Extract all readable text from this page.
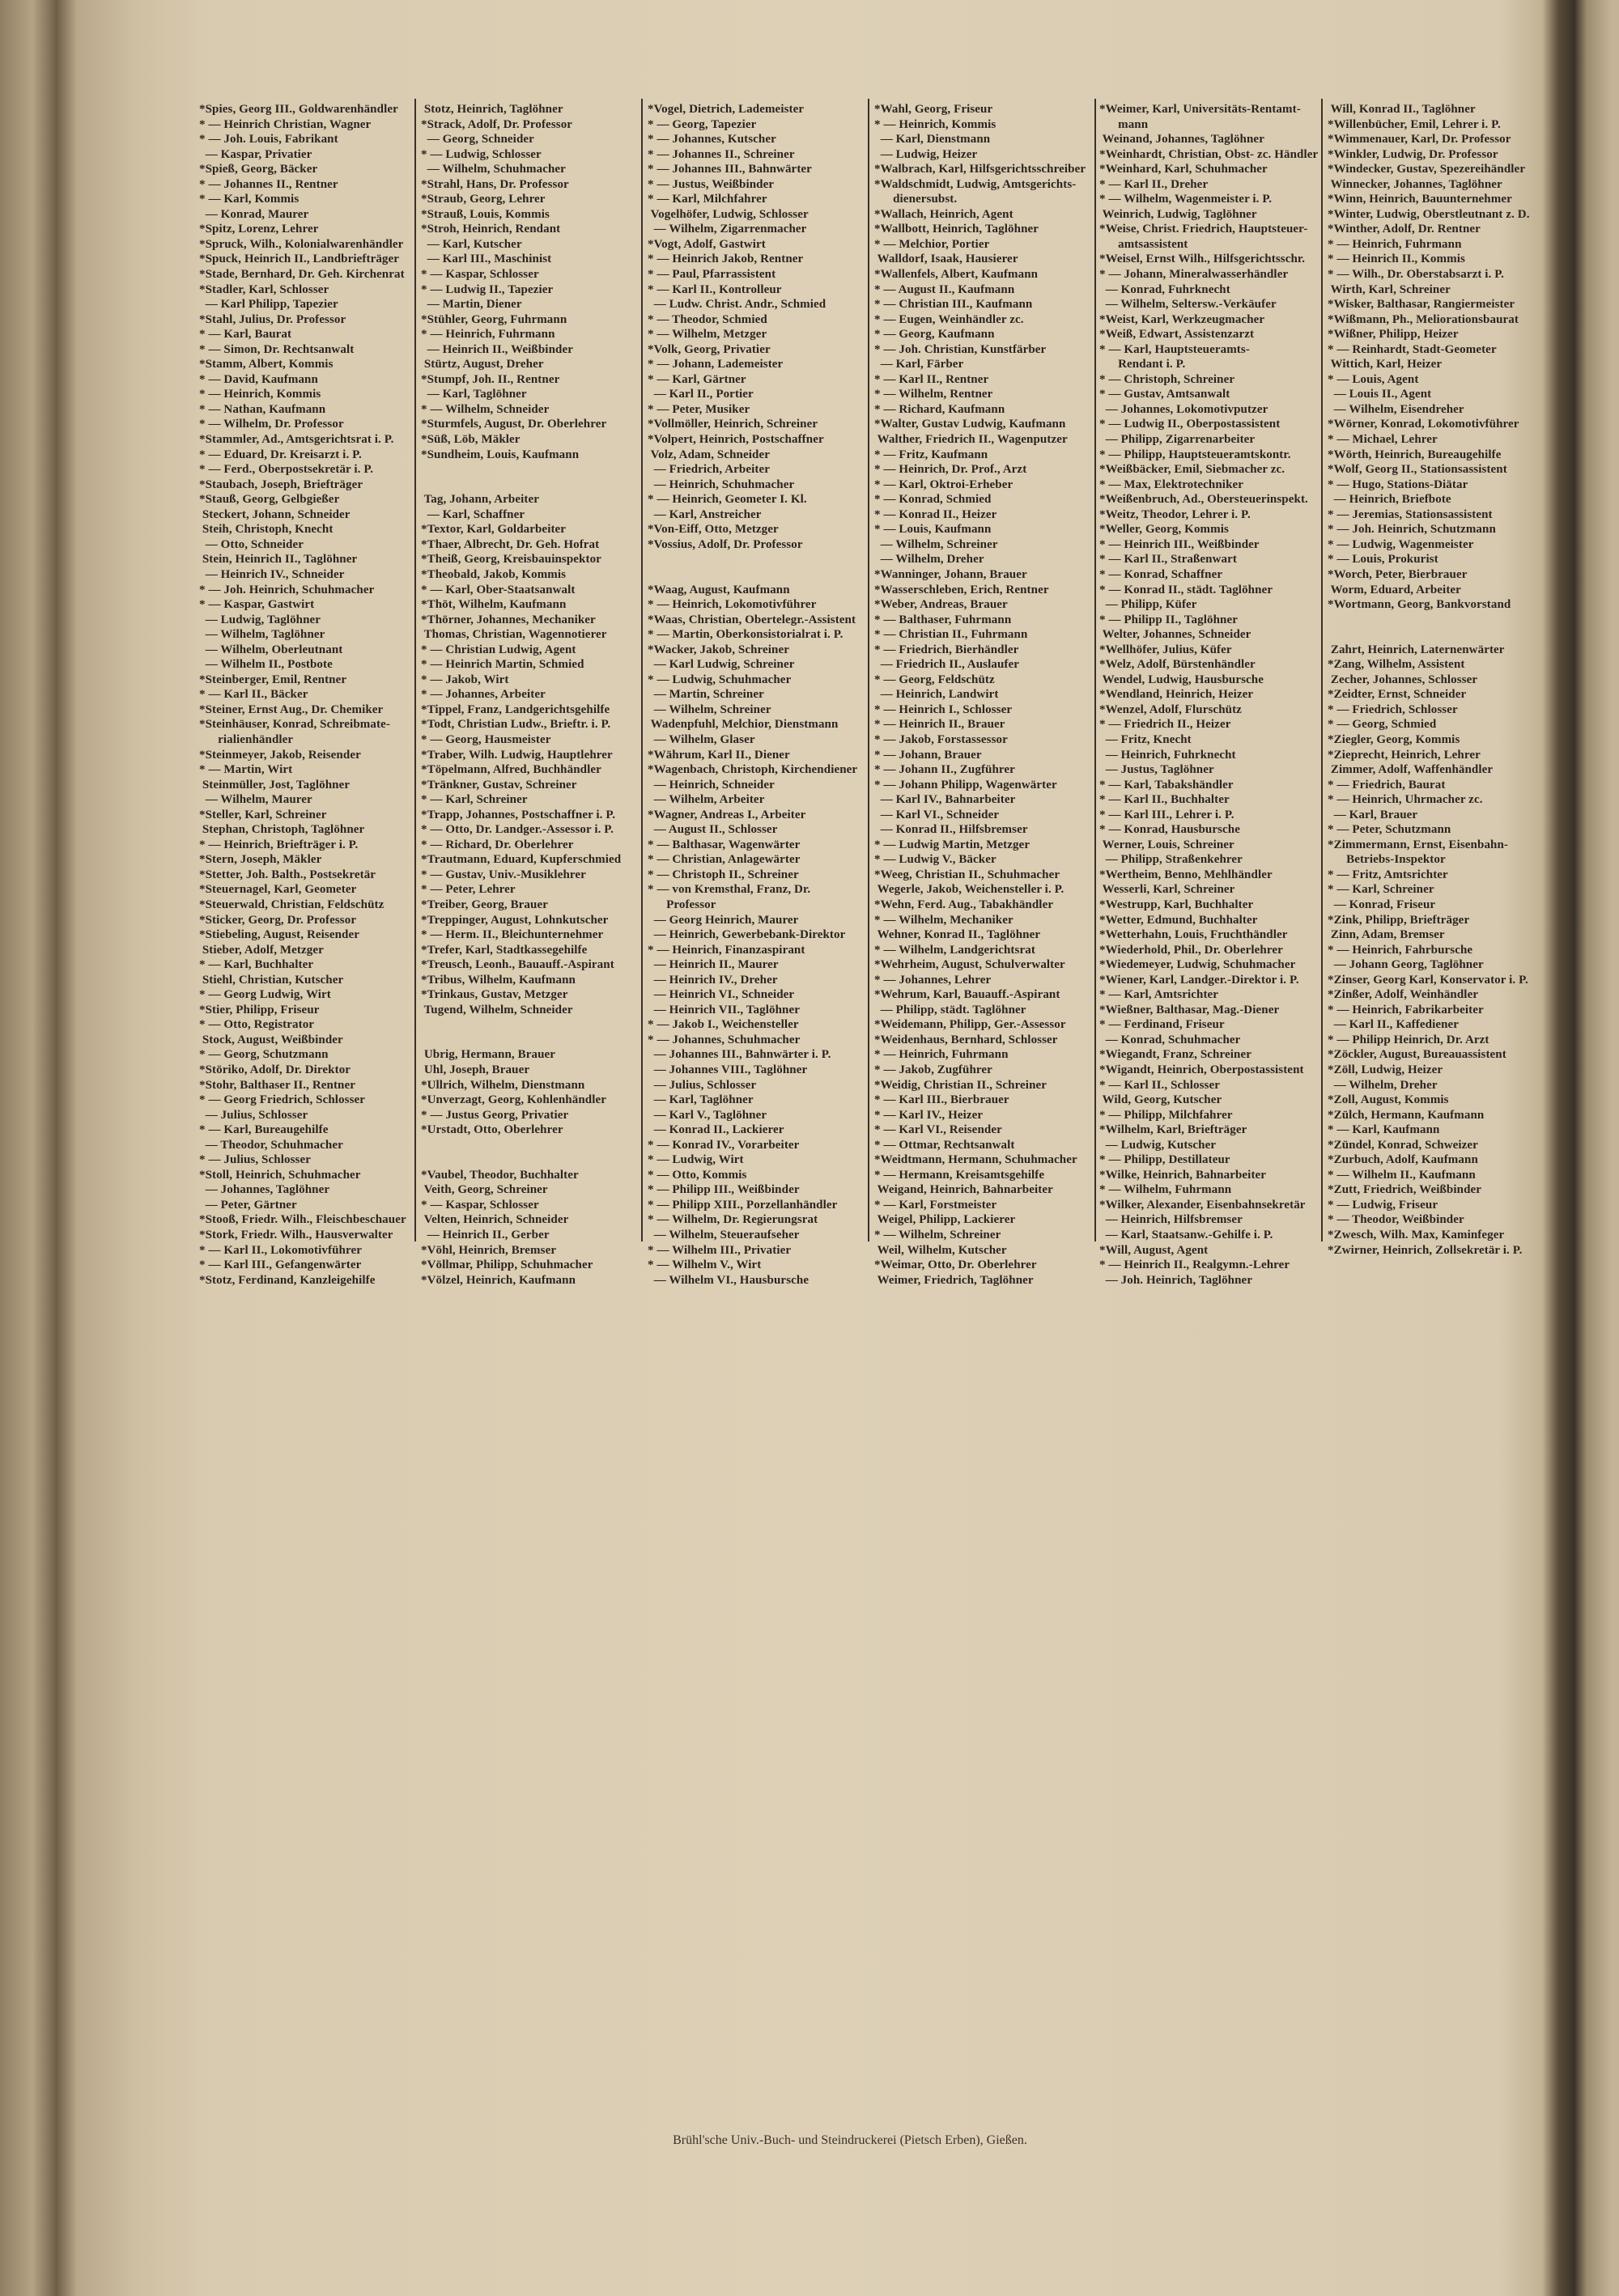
*Spies, Georg III., Goldwarenhändler
* — Heinrich Christian, Wagner
* — Joh. Louis, Fabrikant
— Kaspar, Privatier
*Spieß, Georg, Bäcker
* — Johannes II., Rentner
* — Karl, Kommis
— Konrad, Maurer
*Spitz, Lorenz, Lehrer
*Spruck, Wilh., Kolonialwarenhändler
*Spuck, Heinrich II., Landbriefträger
*Stade, Bernhard, Dr. Geh. Kirchenrat
*Stadler, Karl, Schlosser
— Karl Philipp, Tapezier
*Stahl, Julius, Dr. Professor
* — Karl, Baurat
* — Simon, Dr. Rechtsanwalt
*Stamm, Albert, Kommis
* — David, Kaufmann
* — Heinrich, Kommis
* — Nathan, Kaufmann
* — Wilhelm, Dr. Professor
*Stammler, Ad., Amtsgerichtsrat i. P.
* — Eduard, Dr. Kreisarzt i. P.
* — Ferd., Oberpostsekretär i. P.
*Staubach, Joseph, Briefträger
*Stauß, Georg, Gelbgießer
Steckert, Johann, Schneider
Steih, Christoph, Knecht
— Otto, Schneider
Stein, Heinrich II., Taglöhner
— Heinrich IV., Schneider
* — Joh. Heinrich, Schuhmacher
* — Kaspar, Gastwirt
— Ludwig, Taglöhner
— Wilhelm, Taglöhner
— Wilhelm, Oberleutnant
— Wilhelm II., Postbote
*Steinberger, Emil, Rentner
* — Karl II., Bäcker
*Steiner, Ernst Aug., Dr. Chemiker
*Steinhäuser, Konrad, Schreibmate-
rialienhändler
*Steinmeyer, Jakob, Reisender
* — Martin, Wirt
Steinmüller, Jost, Taglöhner
— Wilhelm, Maurer
*Steller, Karl, Schreiner
Stephan, Christoph, Taglöhner
* — Heinrich, Briefträger i. P.
*Stern, Joseph, Mäkler
*Stetter, Joh. Balth., Postsekretär
*Steuernagel, Karl, Geometer
*Steuerwald, Christian, Feldschütz
*Sticker, Georg, Dr. Professor
*Stiebeling, August, Reisender
Stieber, Adolf, Metzger
* — Karl, Buchhalter
Stiehl, Christian, Kutscher
* — Georg Ludwig, Wirt
*Stier, Philipp, Friseur
* — Otto, Registrator
Stock, August, Weißbinder
* — Georg, Schutzmann
*Störiko, Adolf, Dr. Direktor
*Stohr, Balthaser II., Rentner
* — Georg Friedrich, Schlosser
— Julius, Schlosser
* — Karl, Bureaugehilfe
— Theodor, Schuhmacher
* — Julius, Schlosser
*Stoll, Heinrich, Schuhmacher
— Johannes, Taglöhner
— Peter, Gärtner
*Stooß, Friedr. Wilh., Fleischbeschauer
*Stork, Friedr. Wilh., Hausverwalter
* — Karl II., Lokomotivführer
* — Karl III., Gefangenwärter
*Stotz, Ferdinand, Kanzleigehilfe
Stotz, Heinrich, Taglöhner
*Strack, Adolf, Dr. Professor
— Georg, Schneider
* — Ludwig, Schlosser
— Wilhelm, Schuhmacher
*Strahl, Hans, Dr. Professor
*Straub, Georg, Lehrer
*Strauß, Louis, Kommis
*Stroh, Heinrich, Rendant
— Karl, Kutscher
— Karl III., Maschinist
* — Kaspar, Schlosser
* — Ludwig II., Tapezier
— Martin, Diener
*Stühler, Georg, Fuhrmann
* — Heinrich, Fuhrmann
— Heinrich II., Weißbinder
Stürtz, August, Dreher
*Stumpf, Joh. II., Rentner
— Karl, Taglöhner
* — Wilhelm, Schneider
*Sturmfels, August, Dr. Oberlehrer
*Süß, Löb, Mäkler
*Sundheim, Louis, Kaufmann
Tag, Johann, Arbeiter
— Karl, Schaffner
*Textor, Karl, Goldarbeiter
*Thaer, Albrecht, Dr. Geh. Hofrat
*Theiß, Georg, Kreisbauinspektor
*Theobald, Jakob, Kommis
* — Karl, Ober-Staatsanwalt
*Thöt, Wilhelm, Kaufmann
*Thörner, Johannes, Mechaniker
Thomas, Christian, Wagennotierer
* — Christian Ludwig, Agent
* — Heinrich Martin, Schmied
* — Jakob, Wirt
* — Johannes, Arbeiter
*Tippel, Franz, Landgerichtsgehilfe
*Todt, Christian Ludw., Brieftr. i. P.
* — Georg, Hausmeister
*Traber, Wilh. Ludwig, Hauptlehrer
*Töpelmann, Alfred, Buchhändler
*Tränkner, Gustav, Schreiner
* — Karl, Schreiner
*Trapp, Johannes, Postschaffner i. P.
* — Otto, Dr. Landger.-Assessor i. P.
* — Richard, Dr. Oberlehrer
*Trautmann, Eduard, Kupferschmied
* — Gustav, Univ.-Musiklehrer
* — Peter, Lehrer
*Treiber, Georg, Brauer
*Treppinger, August, Lohnkutscher
* — Herm. II., Bleichunternehmer
*Trefer, Karl, Stadtkassegehilfe
*Treusch, Leonh., Bauauff.-Aspirant
*Tribus, Wilhelm, Kaufmann
*Trinkaus, Gustav, Metzger
Tugend, Wilhelm, Schneider
Ubrig, Hermann, Brauer
Uhl, Joseph, Brauer
*Ullrich, Wilhelm, Dienstmann
*Unverzagt, Georg, Kohlenhändler
* — Justus Georg, Privatier
*Urstadt, Otto, Oberlehrer
*Vaubel, Theodor, Buchhalter
Veith, Georg, Schreiner
* — Kaspar, Schlosser
Velten, Heinrich, Schneider
— Heinrich II., Gerber
*Vöhl, Heinrich, Bremser
*Völlmar, Philipp, Schuhmacher
*Völzel, Heinrich, Kaufmann
*Vogel, Dietrich, Lademeister
* — Georg, Tapezier
* — Johannes, Kutscher
* — Johannes II., Schreiner
* — Johannes III., Bahnwärter
* — Justus, Weißbinder
* — Karl, Milchfahrer
Vogelhöfer, Ludwig, Schlosser
— Wilhelm, Zigarrenmacher
*Vogt, Adolf, Gastwirt
* — Heinrich Jakob, Rentner
* — Paul, Pfarrassistent
* — Karl II., Kontrolleur
— Ludw. Christ. Andr., Schmied
* — Theodor, Schmied
* — Wilhelm, Metzger
*Volk, Georg, Privatier
* — Johann, Lademeister
* — Karl, Gärtner
— Karl II., Portier
* — Peter, Musiker
*Vollmöller, Heinrich, Schreiner
*Volpert, Heinrich, Postschaffner
Volz, Adam, Schneider
— Friedrich, Arbeiter
— Heinrich, Schuhmacher
* — Heinrich, Geometer I. Kl.
— Karl, Anstreicher
*Von-Eiff, Otto, Metzger
*Vossius, Adolf, Dr. Professor
*Waag, August, Kaufmann
* — Heinrich, Lokomotivführer
*Waas, Christian, Obertelegr.-Assistent
* — Martin, Oberkonsistorialrat i. P.
*Wacker, Jakob, Schreiner
— Karl Ludwig, Schreiner
* — Ludwig, Schuhmacher
— Martin, Schreiner
— Wilhelm, Schreiner
Wadenpfuhl, Melchior, Dienstmann
— Wilhelm, Glaser
*Währum, Karl II., Diener
*Wagenbach, Christoph, Kirchendiener
— Heinrich, Schneider
— Wilhelm, Arbeiter
*Wagner, Andreas I., Arbeiter
— August II., Schlosser
* — Balthasar, Wagenwärter
* — Christian, Anlagewärter
* — Christoph II., Schreiner
* — von Kremsthal, Franz, Dr.
Professor
— Georg Heinrich, Maurer
— Heinrich, Gewerbebank-Direktor
* — Heinrich, Finanzaspirant
— Heinrich II., Maurer
— Heinrich IV., Dreher
— Heinrich VI., Schneider
— Heinrich VII., Taglöhner
* — Jakob I., Weichensteller
* — Johannes, Schuhmacher
— Johannes III., Bahnwärter i. P.
— Johannes VIII., Taglöhner
— Julius, Schlosser
— Karl, Taglöhner
— Karl V., Taglöhner
— Konrad II., Lackierer
* — Konrad IV., Vorarbeiter
* — Ludwig, Wirt
* — Otto, Kommis
* — Philipp III., Weißbinder
* — Philipp XIII., Porzellanhändler
* — Wilhelm, Dr. Regierungsrat
— Wilhelm, Steueraufseher
* — Wilhelm III., Privatier
* — Wilhelm V., Wirt
— Wilhelm VI., Hausbursche
*Wahl, Georg, Friseur
* — Heinrich, Kommis
— Karl, Dienstmann
— Ludwig, Heizer
*Walbrach, Karl, Hilfsgerichtsschreiber
*Waldschmidt, Ludwig, Amtsgerichts-
dienersubst.
*Wallach, Heinrich, Agent
*Wallbott, Heinrich, Taglöhner
* — Melchior, Portier
Walldorf, Isaak, Hausierer
*Wallenfels, Albert, Kaufmann
* — August II., Kaufmann
* — Christian III., Kaufmann
* — Eugen, Weinhändler zc.
* — Georg, Kaufmann
* — Joh. Christian, Kunstfärber
— Karl, Färber
* — Karl II., Rentner
* — Wilhelm, Rentner
* — Richard, Kaufmann
*Walter, Gustav Ludwig, Kaufmann
Walther, Friedrich II., Wagenputzer
* — Fritz, Kaufmann
* — Heinrich, Dr. Prof., Arzt
* — Karl, Oktroi-Erheber
* — Konrad, Schmied
* — Konrad II., Heizer
* — Louis, Kaufmann
— Wilhelm, Schreiner
— Wilhelm, Dreher
*Wanninger, Johann, Brauer
*Wasserschleben, Erich, Rentner
*Weber, Andreas, Brauer
* — Balthaser, Fuhrmann
* — Christian II., Fuhrmann
* — Friedrich, Bierhändler
— Friedrich II., Auslaufer
* — Georg, Feldschütz
— Heinrich, Landwirt
* — Heinrich I., Schlosser
* — Heinrich II., Brauer
* — Jakob, Forstassessor
* — Johann, Brauer
* — Johann II., Zugführer
* — Johann Philipp, Wagenwärter
— Karl IV., Bahnarbeiter
— Karl VI., Schneider
— Konrad II., Hilfsbremser
* — Ludwig Martin, Metzger
* — Ludwig V., Bäcker
*Weeg, Christian II., Schuhmacher
Wegerle, Jakob, Weichensteller i. P.
*Wehn, Ferd. Aug., Tabakhändler
* — Wilhelm, Mechaniker
Wehner, Konrad II., Taglöhner
* — Wilhelm, Landgerichtsrat
*Wehrheim, August, Schulverwalter
* — Johannes, Lehrer
*Wehrum, Karl, Bauauff.-Aspirant
— Philipp, städt. Taglöhner
*Weidemann, Philipp, Ger.-Assessor
*Weidenhaus, Bernhard, Schlosser
* — Heinrich, Fuhrmann
* — Jakob, Zugführer
*Weidig, Christian II., Schreiner
* — Karl III., Bierbrauer
* — Karl IV., Heizer
* — Karl VI., Reisender
* — Ottmar, Rechtsanwalt
*Weidtmann, Hermann, Schuhmacher
* — Hermann, Kreisamtsgehilfe
Weigand, Heinrich, Bahnarbeiter
* — Karl, Forstmeister
Weigel, Philipp, Lackierer
* — Wilhelm, Schreiner
Weil, Wilhelm, Kutscher
*Weimar, Otto, Dr. Oberlehrer
Weimer, Friedrich, Taglöhner
*Weimer, Karl, Universitäts-Rentamt-
mann
Weinand, Johannes, Taglöhner
*Weinhardt, Christian, Obst- zc. Händler
*Weinhard, Karl, Schuhmacher
* — Karl II., Dreher
* — Wilhelm, Wagenmeister i. P.
Weinrich, Ludwig, Taglöhner
*Weise, Christ. Friedrich, Hauptsteuer-
amtsassistent
*Weisel, Ernst Wilh., Hilfsgerichtsschr.
* — Johann, Mineralwasserhändler
— Konrad, Fuhrknecht
— Wilhelm, Seltersw.-Verkäufer
*Weist, Karl, Werkzeugmacher
*Weiß, Edwart, Assistenzarzt
* — Karl, Hauptsteueramts-
Rendant i. P.
* — Christoph, Schreiner
* — Gustav, Amtsanwalt
— Johannes, Lokomotivputzer
* — Ludwig II., Oberpostassistent
— Philipp, Zigarrenarbeiter
* — Philipp, Hauptsteueramtskontr.
*Weißbäcker, Emil, Siebmacher zc.
* — Max, Elektrotechniker
*Weißenbruch, Ad., Obersteuerinspekt.
*Weitz, Theodor, Lehrer i. P.
*Weller, Georg, Kommis
* — Heinrich III., Weißbinder
* — Karl II., Straßenwart
* — Konrad, Schaffner
* — Konrad II., städt. Taglöhner
— Philipp, Küfer
* — Philipp II., Taglöhner
Welter, Johannes, Schneider
*Wellhöfer, Julius, Küfer
*Welz, Adolf, Bürstenhändler
Wendel, Ludwig, Hausbursche
*Wendland, Heinrich, Heizer
*Wenzel, Adolf, Flurschütz
* — Friedrich II., Heizer
— Fritz, Knecht
— Heinrich, Fuhrknecht
— Justus, Taglöhner
* — Karl, Tabakshändler
* — Karl II., Buchhalter
* — Karl III., Lehrer i. P.
* — Konrad, Hausbursche
Werner, Louis, Schreiner
— Philipp, Straßenkehrer
*Wertheim, Benno, Mehlhändler
Wesserli, Karl, Schreiner
*Westrupp, Karl, Buchhalter
*Wetter, Edmund, Buchhalter
*Wetterhahn, Louis, Fruchthändler
*Wiederhold, Phil., Dr. Oberlehrer
*Wiedemeyer, Ludwig, Schuhmacher
*Wiener, Karl, Landger.-Direktor i. P.
* — Karl, Amtsrichter
*Wießner, Balthasar, Mag.-Diener
* — Ferdinand, Friseur
— Konrad, Schuhmacher
*Wiegandt, Franz, Schreiner
*Wigandt, Heinrich, Oberpostassistent
* — Karl II., Schlosser
Wild, Georg, Kutscher
* — Philipp, Milchfahrer
*Wilhelm, Karl, Briefträger
— Ludwig, Kutscher
* — Philipp, Destillateur
*Wilke, Heinrich, Bahnarbeiter
* — Wilhelm, Fuhrmann
*Wilker, Alexander, Eisenbahnsekretär
— Heinrich, Hilfsbremser
— Karl, Staatsanw.-Gehilfe i. P.
*Will, August, Agent
* — Heinrich II., Realgymn.-Lehrer
— Joh. Heinrich, Taglöhner
Will, Konrad II., Taglöhner
*Willenbücher, Emil, Lehrer i. P.
*Wimmenauer, Karl, Dr. Professor
*Winkler, Ludwig, Dr. Professor
*Windecker, Gustav, Spezereihändler
Winnecker, Johannes, Taglöhner
*Winn, Heinrich, Bauunternehmer
*Winter, Ludwig, Oberstleutnant z. D.
*Winther, Adolf, Dr. Rentner
* — Heinrich, Fuhrmann
* — Heinrich II., Kommis
* — Wilh., Dr. Oberstabsarzt i. P.
Wirth, Karl, Schreiner
*Wisker, Balthasar, Rangiermeister
*Wißmann, Ph., Meliorationsbaurat
*Wißner, Philipp, Heizer
* — Reinhardt, Stadt-Geometer
Wittich, Karl, Heizer
* — Louis, Agent
— Louis II., Agent
— Wilhelm, Eisendreher
*Wörner, Konrad, Lokomotivführer
* — Michael, Lehrer
*Wörth, Heinrich, Bureaugehilfe
*Wolf, Georg II., Stationsassistent
* — Hugo, Stations-Diätar
— Heinrich, Briefbote
* — Jeremias, Stationsassistent
* — Joh. Heinrich, Schutzmann
* — Ludwig, Wagenmeister
* — Louis, Prokurist
*Worch, Peter, Bierbrauer
Worm, Eduard, Arbeiter
*Wortmann, Georg, Bankvorstand
Zahrt, Heinrich, Laternenwärter
*Zang, Wilhelm, Assistent
Zecher, Johannes, Schlosser
*Zeidter, Ernst, Schneider
* — Friedrich, Schlosser
* — Georg, Schmied
*Ziegler, Georg, Kommis
*Zieprecht, Heinrich, Lehrer
Zimmer, Adolf, Waffenhändler
* — Friedrich, Baurat
* — Heinrich, Uhrmacher zc.
— Karl, Brauer
* — Peter, Schutzmann
*Zimmermann, Ernst, Eisenbahn-
Betriebs-Inspektor
* — Fritz, Amtsrichter
* — Karl, Schreiner
— Konrad, Friseur
*Zink, Philipp, Briefträger
Zinn, Adam, Bremser
* — Heinrich, Fahrbursche
— Johann Georg, Taglöhner
*Zinser, Georg Karl, Konservator i. P.
*Zinßer, Adolf, Weinhändler
* — Heinrich, Fabrikarbeiter
— Karl II., Kaffediener
* — Philipp Heinrich, Dr. Arzt
*Zöckler, August, Bureauassistent
*Zöll, Ludwig, Heizer
— Wilhelm, Dreher
*Zoll, August, Kommis
*Zülch, Hermann, Kaufmann
* — Karl, Kaufmann
*Zündel, Konrad, Schweizer
*Zurbuch, Adolf, Kaufmann
* — Wilhelm II., Kaufmann
*Zutt, Friedrich, Weißbinder
* — Ludwig, Friseur
* — Theodor, Weißbinder
*Zwesch, Wilh. Max, Kaminfeger
*Zwirner, Heinrich, Zollsekretär i. P.
Brühl'sche Univ.-Buch- und Steindruckerei (Pietsch Erben), Gießen.
